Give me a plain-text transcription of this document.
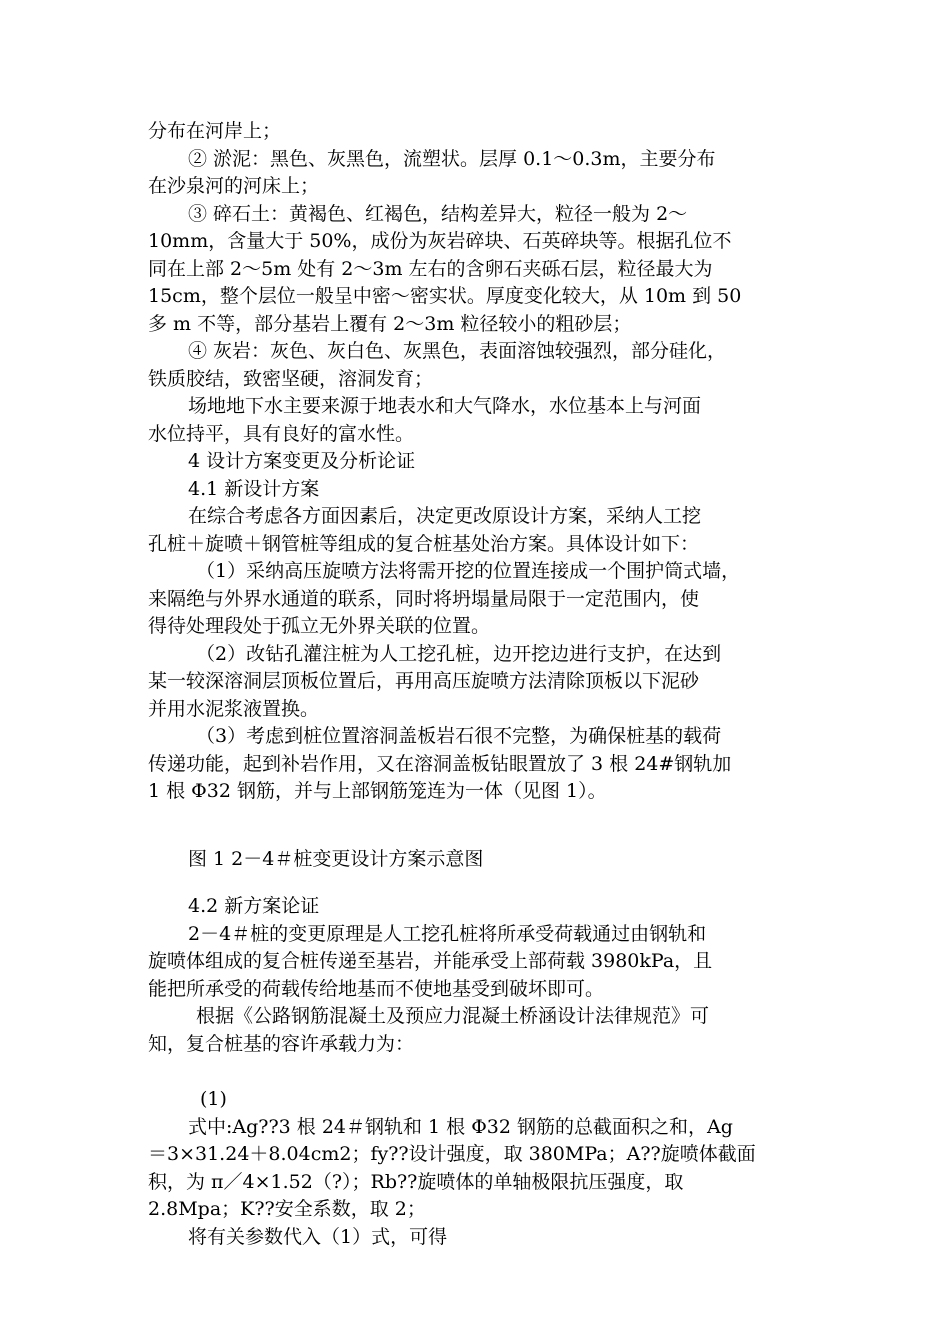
分布在河岸上；
② 淤泥：黑色、灰黑色，流塑状。层厚 0.1～0.3m，主要分布
在沙泉河的河床上；
③ 碎石土：黄褐色、红褐色，结构差异大，粒径一般为 2～
10mm，含量大于 50%，成份为灰岩碎块、石英碎块等。根据孔位不
同在上部 2～5m 处有 2～3m 左右的含卵石夹砾石层，粒径最大为
15cm，整个层位一般呈中密～密实状。厚度变化较大，从 10m 到 50
多 m 不等，部分基岩上覆有 2～3m 粒径较小的粗砂层；
④ 灰岩：灰色、灰白色、灰黑色，表面溶蚀较强烈，部分硅化，
铁质胶结，致密坚硬，溶洞发育；
场地地下水主要来源于地表水和大气降水，水位基本上与河面
水位持平，具有良好的富水性。
4 设计方案变更及分析论证
4.1 新设计方案
在综合考虑各方面因素后，决定更改原设计方案，采纳人工挖
孔桩＋旋喷＋钢管桩等组成的复合桩基处治方案。具体设计如下：
（1）采纳高压旋喷方法将需开挖的位置连接成一个围护筒式墙，
来隔绝与外界水通道的联系，同时将坍塌量局限于一定范围内，使
得待处理段处于孤立无外界关联的位置。
（2）改钻孔灌注桩为人工挖孔桩，边开挖边进行支护，在达到
某一较深溶洞层顶板位置后，再用高压旋喷方法清除顶板以下泥砂
并用水泥浆液置换。
（3）考虑到桩位置溶洞盖板岩石很不完整，为确保桩基的载荷
传递功能，起到补岩作用，又在溶洞盖板钻眼置放了 3 根 24#钢轨加
1 根 Φ32 钢筋，并与上部钢筋笼连为一体（见图 1）。
图 1 2－4＃桩变更设计方案示意图
4.2 新方案论证
2－4＃桩的变更原理是人工挖孔桩将所承受荷载通过由钢轨和
旋喷体组成的复合桩传递至基岩，并能承受上部荷载 3980kPa，且
能把所承受的荷载传给地基而不使地基受到破坏即可。
根据《公路钢筋混凝土及预应力混凝土桥涵设计法律规范》可
知，复合桩基的容许承载力为：
(1)
式中:Ag??3 根 24＃钢轨和 1 根 Φ32 钢筋的总截面积之和，Ag
＝3×31.24＋8.04cm2；fy??设计强度，取 380MPa；A??旋喷体截面
积，为 π／4×1.52（?）；Rb??旋喷体的单轴极限抗压强度，取
2.8Mpa；K??安全系数，取 2；
将有关参数代入（1）式，可得
